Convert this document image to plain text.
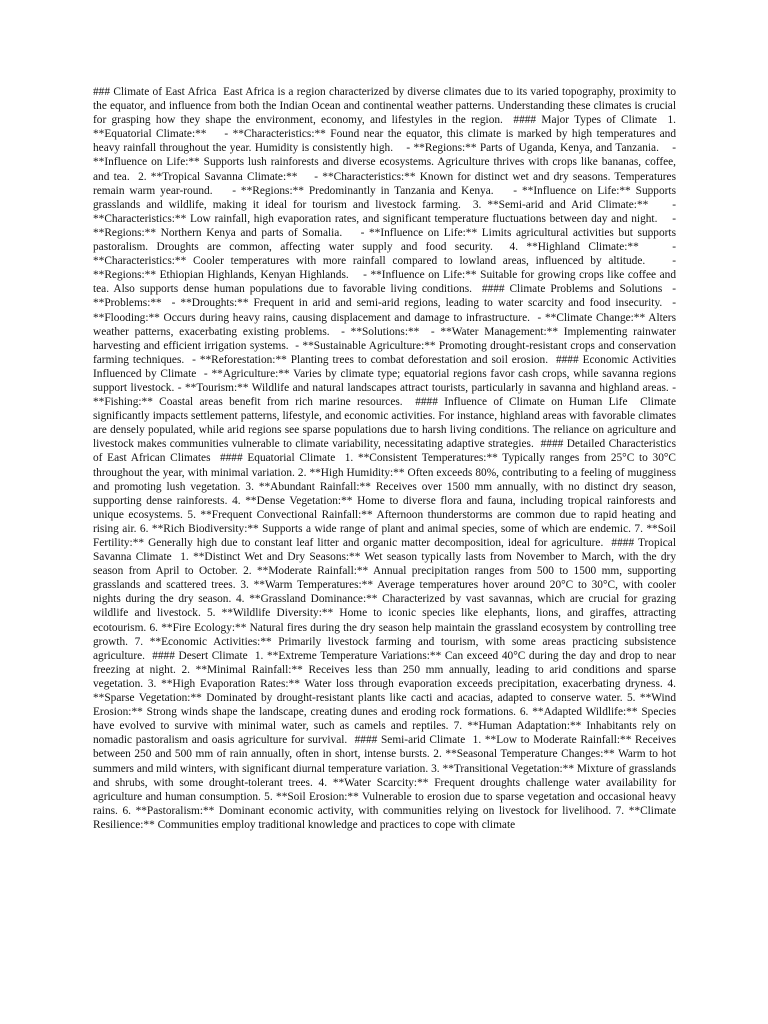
### Climate of East Africa  East Africa is a region characterized by diverse climates due to its varied topography, proximity to the equator, and influence from both the Indian Ocean and continental weather patterns. Understanding these climates is crucial for grasping how they shape the environment, economy, and lifestyles in the region.  #### Major Types of Climate  1. **Equatorial Climate:**    - **Characteristics:** Found near the equator, this climate is marked by high temperatures and heavy rainfall throughout the year. Humidity is consistently high.    - **Regions:** Parts of Uganda, Kenya, and Tanzania.    - **Influence on Life:** Supports lush rainforests and diverse ecosystems. Agriculture thrives with crops like bananas, coffee, and tea.  2. **Tropical Savanna Climate:**    - **Characteristics:** Known for distinct wet and dry seasons. Temperatures remain warm year-round.    - **Regions:** Predominantly in Tanzania and Kenya.    - **Influence on Life:** Supports grasslands and wildlife, making it ideal for tourism and livestock farming.  3. **Semi-arid and Arid Climate:**    - **Characteristics:** Low rainfall, high evaporation rates, and significant temperature fluctuations between day and night.    - **Regions:** Northern Kenya and parts of Somalia.    - **Influence on Life:** Limits agricultural activities but supports pastoralism. Droughts are common, affecting water supply and food security.  4. **Highland Climate:**    - **Characteristics:** Cooler temperatures with more rainfall compared to lowland areas, influenced by altitude.    - **Regions:** Ethiopian Highlands, Kenyan Highlands.    - **Influence on Life:** Suitable for growing crops like coffee and tea. Also supports dense human populations due to favorable living conditions.  #### Climate Problems and Solutions  - **Problems:**  - **Droughts:** Frequent in arid and semi-arid regions, leading to water scarcity and food insecurity.  - **Flooding:** Occurs during heavy rains, causing displacement and damage to infrastructure.  - **Climate Change:** Alters weather patterns, exacerbating existing problems.  - **Solutions:**  - **Water Management:** Implementing rainwater harvesting and efficient irrigation systems.  - **Sustainable Agriculture:** Promoting drought-resistant crops and conservation farming techniques.  - **Reforestation:** Planting trees to combat deforestation and soil erosion.  #### Economic Activities Influenced by Climate  - **Agriculture:** Varies by climate type; equatorial regions favor cash crops, while savanna regions support livestock. - **Tourism:** Wildlife and natural landscapes attract tourists, particularly in savanna and highland areas. - **Fishing:** Coastal areas benefit from rich marine resources.  #### Influence of Climate on Human Life  Climate significantly impacts settlement patterns, lifestyle, and economic activities. For instance, highland areas with favorable climates are densely populated, while arid regions see sparse populations due to harsh living conditions. The reliance on agriculture and livestock makes communities vulnerable to climate variability, necessitating adaptive strategies.  #### Detailed Characteristics of East African Climates  #### Equatorial Climate  1. **Consistent Temperatures:** Typically ranges from 25°C to 30°C throughout the year, with minimal variation. 2. **High Humidity:** Often exceeds 80%, contributing to a feeling of mugginess and promoting lush vegetation. 3. **Abundant Rainfall:** Receives over 1500 mm annually, with no distinct dry season, supporting dense rainforests. 4. **Dense Vegetation:** Home to diverse flora and fauna, including tropical rainforests and unique ecosystems. 5. **Frequent Convectional Rainfall:** Afternoon thunderstorms are common due to rapid heating and rising air. 6. **Rich Biodiversity:** Supports a wide range of plant and animal species, some of which are endemic. 7. **Soil Fertility:** Generally high due to constant leaf litter and organic matter decomposition, ideal for agriculture.  #### Tropical Savanna Climate  1. **Distinct Wet and Dry Seasons:** Wet season typically lasts from November to March, with the dry season from April to October. 2. **Moderate Rainfall:** Annual precipitation ranges from 500 to 1500 mm, supporting grasslands and scattered trees. 3. **Warm Temperatures:** Average temperatures hover around 20°C to 30°C, with cooler nights during the dry season. 4. **Grassland Dominance:** Characterized by vast savannas, which are crucial for grazing wildlife and livestock. 5. **Wildlife Diversity:** Home to iconic species like elephants, lions, and giraffes, attracting ecotourism. 6. **Fire Ecology:** Natural fires during the dry season help maintain the grassland ecosystem by controlling tree growth. 7. **Economic Activities:** Primarily livestock farming and tourism, with some areas practicing subsistence agriculture.  #### Desert Climate  1. **Extreme Temperature Variations:** Can exceed 40°C during the day and drop to near freezing at night. 2. **Minimal Rainfall:** Receives less than 250 mm annually, leading to arid conditions and sparse vegetation. 3. **High Evaporation Rates:** Water loss through evaporation exceeds precipitation, exacerbating dryness. 4. **Sparse Vegetation:** Dominated by drought-resistant plants like cacti and acacias, adapted to conserve water. 5. **Wind Erosion:** Strong winds shape the landscape, creating dunes and eroding rock formations. 6. **Adapted Wildlife:** Species have evolved to survive with minimal water, such as camels and reptiles. 7. **Human Adaptation:** Inhabitants rely on nomadic pastoralism and oasis agriculture for survival.  #### Semi-arid Climate  1. **Low to Moderate Rainfall:** Receives between 250 and 500 mm of rain annually, often in short, intense bursts. 2. **Seasonal Temperature Changes:** Warm to hot summers and mild winters, with significant diurnal temperature variation. 3. **Transitional Vegetation:** Mixture of grasslands and shrubs, with some drought-tolerant trees. 4. **Water Scarcity:** Frequent droughts challenge water availability for agriculture and human consumption. 5. **Soil Erosion:** Vulnerable to erosion due to sparse vegetation and occasional heavy rains. 6. **Pastoralism:** Dominant economic activity, with communities relying on livestock for livelihood. 7. **Climate Resilience:** Communities employ traditional knowledge and practices to cope with climate
